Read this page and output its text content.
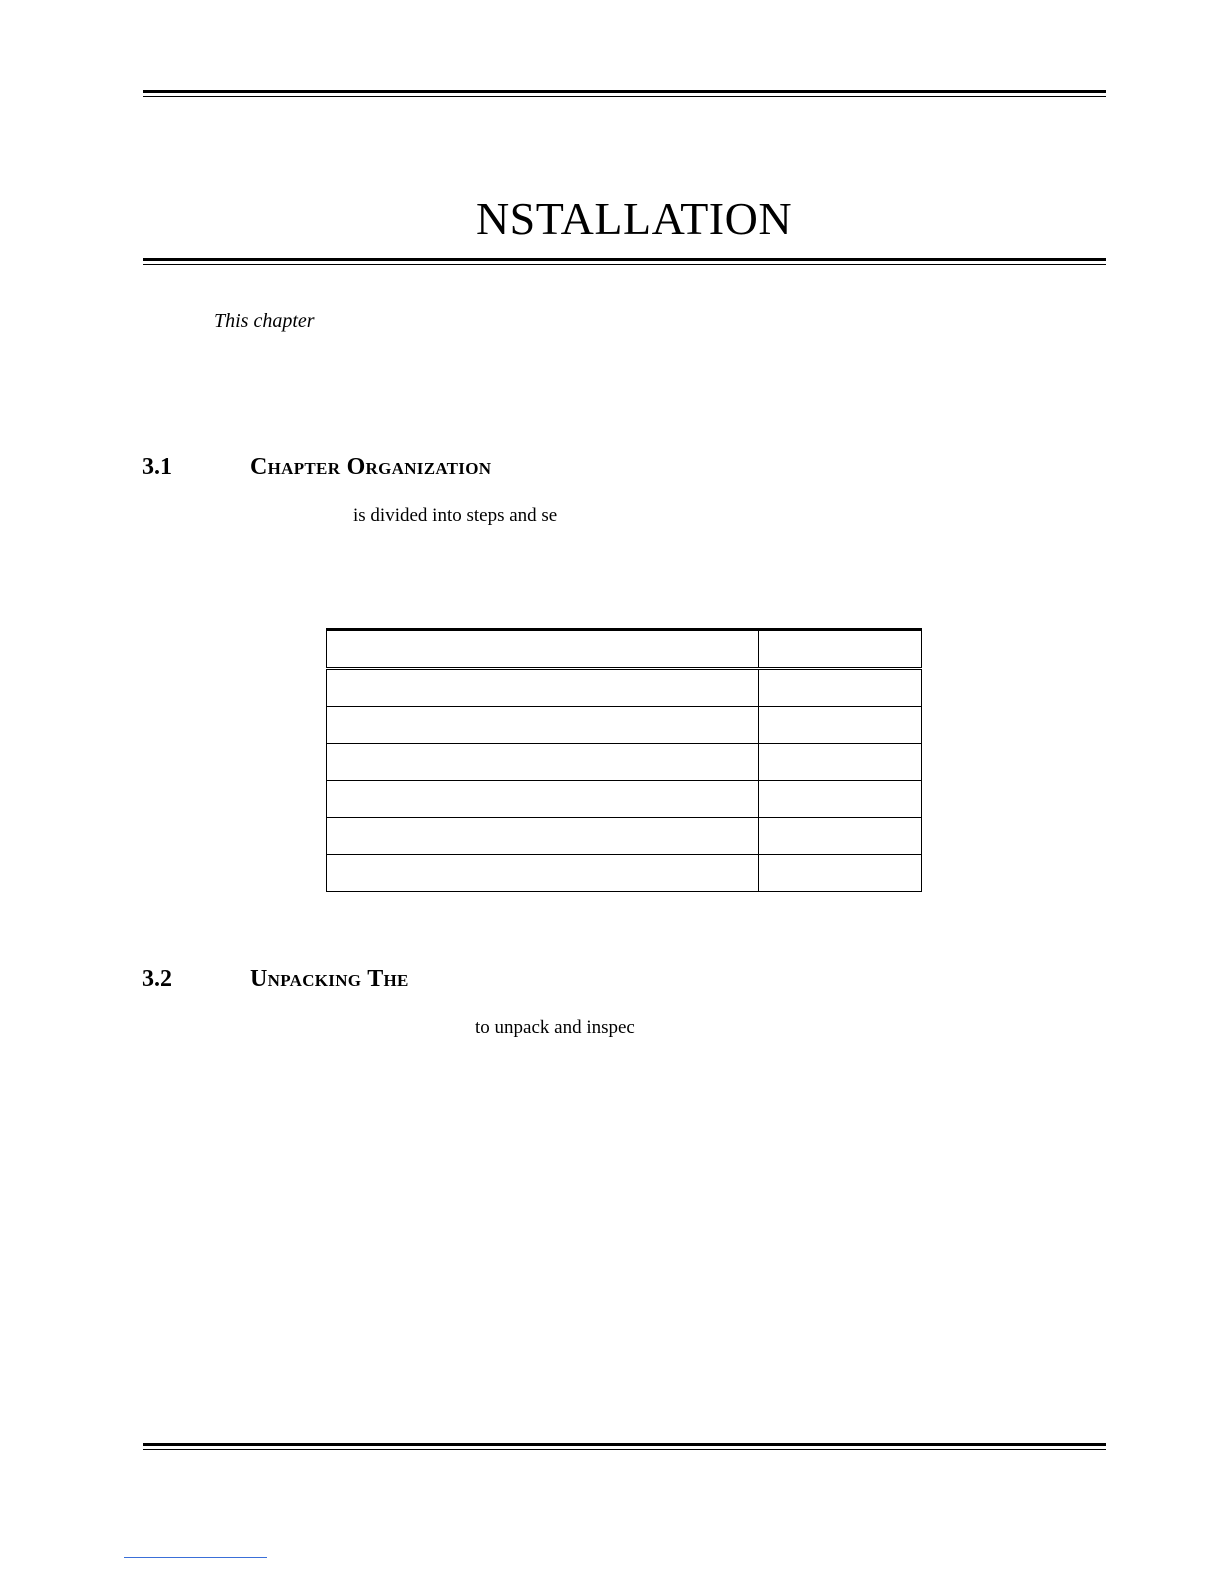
NSTALLATION
This chapter
3.1	Chapter Organization
is divided into steps and se

3.2	Unpacking The
to unpack and inspec
